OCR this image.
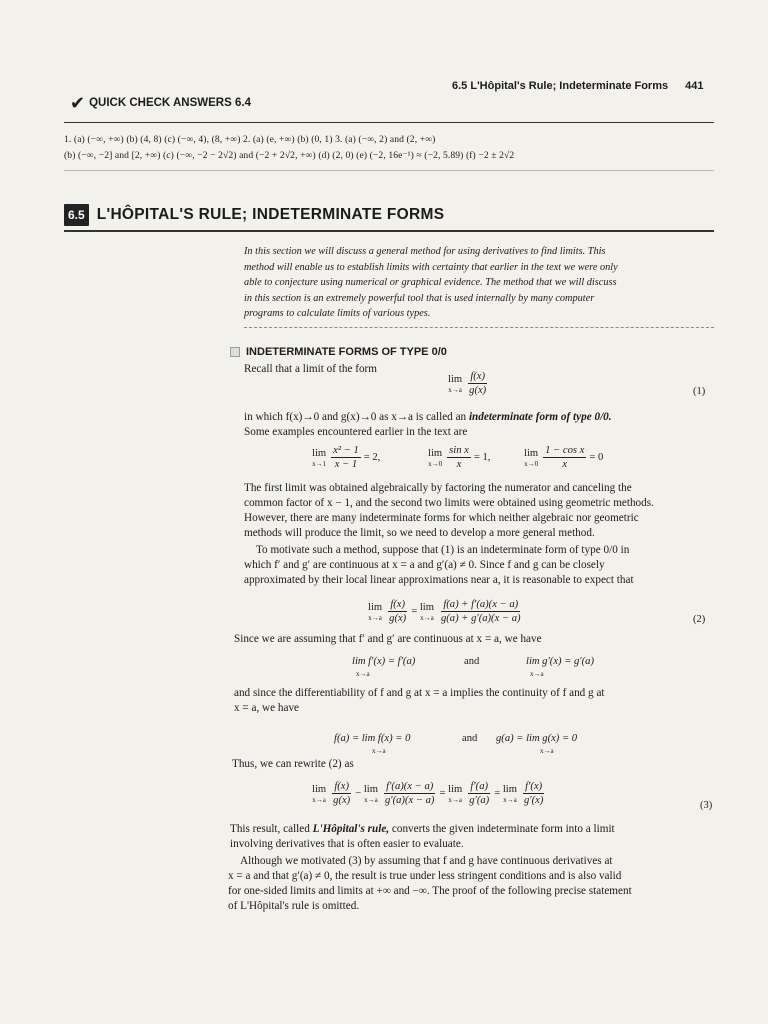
6.5 L'Hôpital's Rule; Indeterminate Forms 441
✔ QUICK CHECK ANSWERS 6.4
1. (a) (−∞, +∞) (b) (4, 8) (c) (−∞, 4), (8, +∞) 2. (a) (e, +∞) (b) (0, 1) 3. (a) (−∞, 2) and (2, +∞)
(b) (−∞, −2] and [2, +∞) (c) (−∞, −2 − 2√2) and (−2 + 2√2, +∞) (d) (2, 0) (e) (−2, 16e⁻¹) ≈ (−2, 5.89) (f) −2 ± 2√2
6.5 L'HÔPITAL'S RULE; INDETERMINATE FORMS
In this section we will discuss a general method for using derivatives to find limits. This
method will enable us to establish limits with certainty that earlier in the text we were only
able to conjecture using numerical or graphical evidence. The method that we will discuss
in this section is an extremely powerful tool that is used internally by many computer
programs to calculate limits of various types.
INDETERMINATE FORMS OF TYPE 0/0
Recall that a limit of the form
lim
$x\to a \frac{f(x)}{g(x)}$	(1)
in which f(x)→0 and g(x)→0 as x→a is called an indeterminate form of type 0/0.
Some examples encountered earlier in the text are
lim
$x\to 1 \frac{\text{x² − 1}}{x - 1} = 2$,	lim
$x\to 0 \frac{\text{sin x}}{x} = 1$,	lim
$x\to 0 \frac{\text{1 − cos x}}{x} = 0$
The first limit was obtained algebraically by factoring the numerator and canceling the
common factor of x − 1, and the second two limits were obtained using geometric methods.
However, there are many indeterminate forms for which neither algebraic nor geometric
methods will produce the limit, so we need to develop a more general method.
To motivate such a method, suppose that (1) is an indeterminate form of type 0/0 in
which f′ and g′ are continuous at x = a and g′(a) ≠ 0. Since f and g can be closely
approximated by their local linear approximations near a, it is reasonable to expect that
lim
$x\to a \frac{f(x)}{g(x)} = \lim$
$x\to a \frac{f(a) + f'(a)(x - a)}{g(a) + g'(a)(x - a)}$	(2)
Since we are assuming that f′ and g′ are continuous at x = a, we have
lim f′(x) = f′(a)
x→a
and	lim g′(x) = g′(a)
x→a
and since the differentiability of f and g at x = a implies the continuity of f and g at
x = a, we have
f(a) = lim f(x) = 0
x→a
and g(a) = lim g(x) = 0
x→a
Thus, we can rewrite (2) as
lim
$x\to a \frac{f(x)}{g(x)} - \lim$
$x\to a \frac{f'(a)(x - a)}{g'(a)(x - a)} = \lim$
$x\to a \frac{f'(a)}{g'(a)} = \lim$
$x\to a \frac{f'(x)}{g'(x)}$	(3)
This result, called L'Hôpital's rule, converts the given indeterminate form into a limit
involving derivatives that is often easier to evaluate.
Although we motivated (3) by assuming that f and g have continuous derivatives at
x = a and that g′(a) ≠ 0, the result is true under less stringent conditions and is also valid
for one-sided limits and limits at +∞ and −∞. The proof of the following precise statement
of L'Hôpital's rule is omitted.
